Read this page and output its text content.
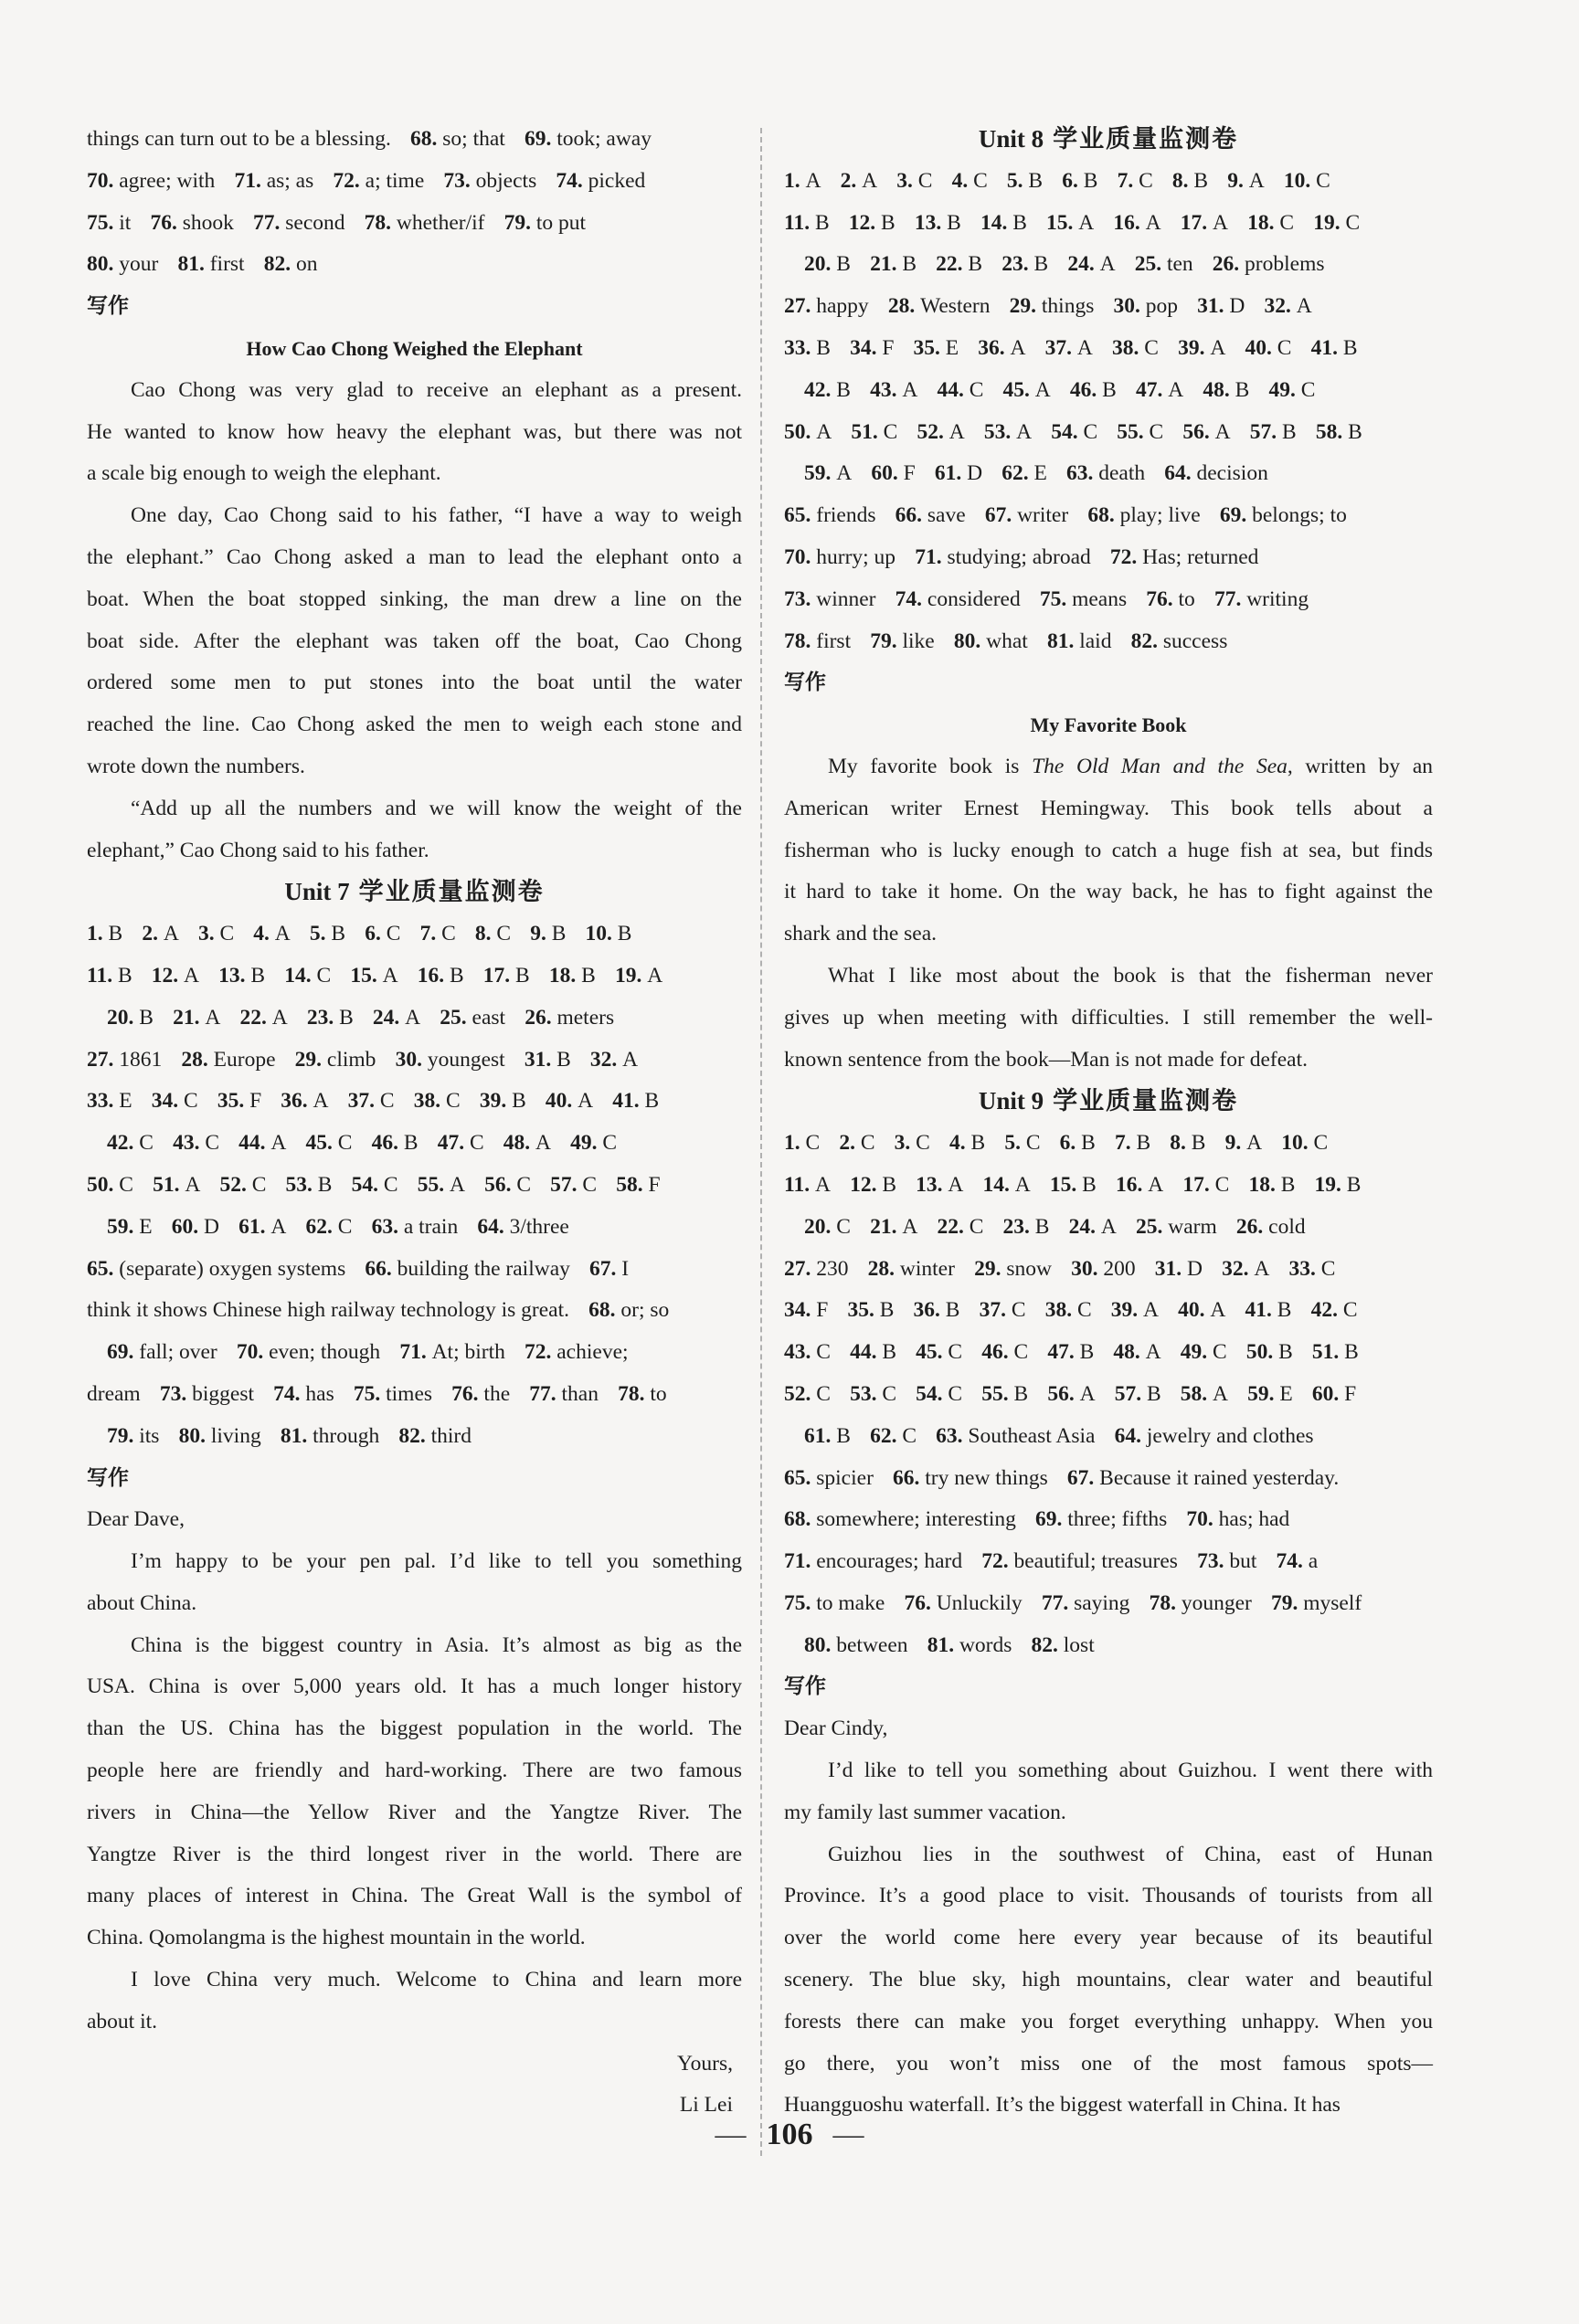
things can turn out to be a blessing. 68. so; that 69. took; away
70. agree; with 71. as; as 72. a; time 73. objects 74. picked
75. it 76. shook 77. second 78. whether/if 79. to put
80. your 81. first 82. on
写作
How Cao Chong Weighed the Elephant
Cao Chong was very glad to receive an elephant as a present.
He wanted to know how heavy the elephant was, but there was not
a scale big enough to weigh the elephant.
One day, Cao Chong said to his father, “I have a way to weigh
the elephant.” Cao Chong asked a man to lead the elephant onto a
boat. When the boat stopped sinking, the man drew a line on the
boat side. After the elephant was taken off the boat, Cao Chong
ordered some men to put stones into the boat until the water
reached the line. Cao Chong asked the men to weigh each stone and
wrote down the numbers.
“Add up all the numbers and we will know the weight of the
elephant,” Cao Chong said to his father.
Unit 7 学业质量监测卷
1. B 2. A 3. C 4. A 5. B 6. C 7. C 8. C 9. B 10. B
11. B 12. A 13. B 14. C 15. A 16. B 17. B 18. B 19. A
20. B 21. A 22. A 23. B 24. A 25. east 26. meters
27. 1861 28. Europe 29. climb 30. youngest 31. B 32. A
33. E 34. C 35. F 36. A 37. C 38. C 39. B 40. A 41. B
42. C 43. C 44. A 45. C 46. B 47. C 48. A 49. C
50. C 51. A 52. C 53. B 54. C 55. A 56. C 57. C 58. F
59. E 60. D 61. A 62. C 63. a train 64. 3/three
65. (separate) oxygen systems 66. building the railway 67. I
think it shows Chinese high railway technology is great. 68. or; so
69. fall; over 70. even; though 71. At; birth 72. achieve;
dream 73. biggest 74. has 75. times 76. the 77. than 78. to
79. its 80. living 81. through 82. third
写作
Dear Dave,
I’m happy to be your pen pal. I’d like to tell you something
about China.
China is the biggest country in Asia. It’s almost as big as the
USA. China is over 5,000 years old. It has a much longer history
than the US. China has the biggest population in the world. The
people here are friendly and hard-working. There are two famous
rivers in China—the Yellow River and the Yangtze River. The
Yangtze River is the third longest river in the world. There are
many places of interest in China. The Great Wall is the symbol of
China. Qomolangma is the highest mountain in the world.
I love China very much. Welcome to China and learn more
about it.
Yours,
Li Lei
Unit 8 学业质量监测卷
1. A 2. A 3. C 4. C 5. B 6. B 7. C 8. B 9. A 10. C
11. B 12. B 13. B 14. B 15. A 16. A 17. A 18. C 19. C
20. B 21. B 22. B 23. B 24. A 25. ten 26. problems
27. happy 28. Western 29. things 30. pop 31. D 32. A
33. B 34. F 35. E 36. A 37. A 38. C 39. A 40. C 41. B
42. B 43. A 44. C 45. A 46. B 47. A 48. B 49. C
50. A 51. C 52. A 53. A 54. C 55. C 56. A 57. B 58. B
59. A 60. F 61. D 62. E 63. death 64. decision
65. friends 66. save 67. writer 68. play; live 69. belongs; to
70. hurry; up 71. studying; abroad 72. Has; returned
73. winner 74. considered 75. means 76. to 77. writing
78. first 79. like 80. what 81. laid 82. success
写作
My Favorite Book
My favorite book is The Old Man and the Sea, written by an
American writer Ernest Hemingway. This book tells about a
fisherman who is lucky enough to catch a huge fish at sea, but finds
it hard to take it home. On the way back, he has to fight against the
shark and the sea.
What I like most about the book is that the fisherman never
gives up when meeting with difficulties. I still remember the well-
known sentence from the book—Man is not made for defeat.
Unit 9 学业质量监测卷
1. C 2. C 3. C 4. B 5. C 6. B 7. B 8. B 9. A 10. C
11. A 12. B 13. A 14. A 15. B 16. A 17. C 18. B 19. B
20. C 21. A 22. C 23. B 24. A 25. warm 26. cold
27. 230 28. winter 29. snow 30. 200 31. D 32. A 33. C
34. F 35. B 36. B 37. C 38. C 39. A 40. A 41. B 42. C
43. C 44. B 45. C 46. C 47. B 48. A 49. C 50. B 51. B
52. C 53. C 54. C 55. B 56. A 57. B 58. A 59. E 60. F
61. B 62. C 63. Southeast Asia 64. jewelry and clothes
65. spicier 66. try new things 67. Because it rained yesterday.
68. somewhere; interesting 69. three; fifths 70. has; had
71. encourages; hard 72. beautiful; treasures 73. but 74. a
75. to make 76. Unluckily 77. saying 78. younger 79. myself
80. between 81. words 82. lost
写作
Dear Cindy,
I’d like to tell you something about Guizhou. I went there with
my family last summer vacation.
Guizhou lies in the southwest of China, east of Hunan
Province. It’s a good place to visit. Thousands of tourists from all
over the world come here every year because of its beautiful
scenery. The blue sky, high mountains, clear water and beautiful
forests there can make you forget everything unhappy. When you
go there, you won’t miss one of the most famous spots—
Huangguoshu waterfall. It’s the biggest waterfall in China. It has
— 106 —
